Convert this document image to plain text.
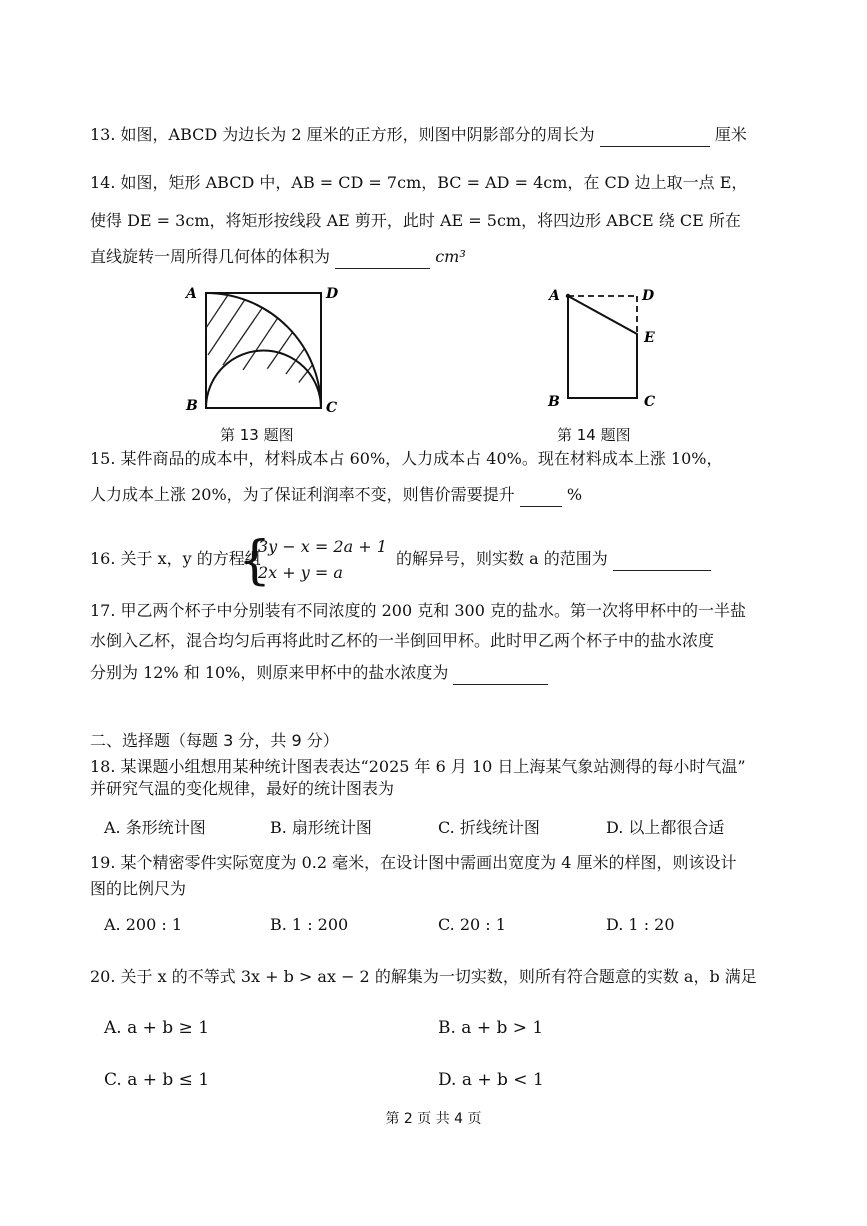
13. 如图，ABCD 为边长为 2 厘米的正方形，则图中阴影部分的周长为	厘米
14. 如图，矩形 ABCD 中，AB = CD = 7cm，BC = AD = 4cm，在 CD 边上取一点 E，
使得 DE = 3cm，将矩形按线段 AE 剪开，此时 AE = 5cm，将四边形 ABCE 绕 CE 所在
直线旋转一周所得几何体的体积为	cm³
A	D
B	C
第 13 题图
A	D
E
B	C
第 14 题图
15. 某件商品的成本中，材料成本占 60%，人力成本占 40%。现在材料成本上涨 10%，
人力成本上涨 20%，为了保证利润率不变，则售价需要提升	%
16. 关于 x，y 的方程组
{
3y − x = 2a + 1
2x + y = a
的解异号，则实数 a 的范围为
17. 甲乙两个杯子中分别装有不同浓度的 200 克和 300 克的盐水。第一次将甲杯中的一半盐
水倒入乙杯，混合均匀后再将此时乙杯的一半倒回甲杯。此时甲乙两个杯子中的盐水浓度
分别为 12% 和 10%，则原来甲杯中的盐水浓度为
二、选择题（每题 3 分，共 9 分）
18. 某课题小组想用某种统计图表表达“2025 年 6 月 10 日上海某气象站测得的每小时气温”
并研究气温的变化规律，最好的统计图表为
A. 条形统计图	B. 扇形统计图	C. 折线统计图	D. 以上都很合适
19. 某个精密零件实际宽度为 0.2 毫米，在设计图中需画出宽度为 4 厘米的样图，则该设计
图的比例尺为
A. 200 : 1	B. 1 : 200	C. 20 : 1	D. 1 : 20
20. 关于 x 的不等式 3x + b > ax − 2 的解集为一切实数，则所有符合题意的实数 a，b 满足
A. a + b ≥ 1	B. a + b > 1
C. a + b ≤ 1	D. a + b < 1
第 2 页 共 4 页
